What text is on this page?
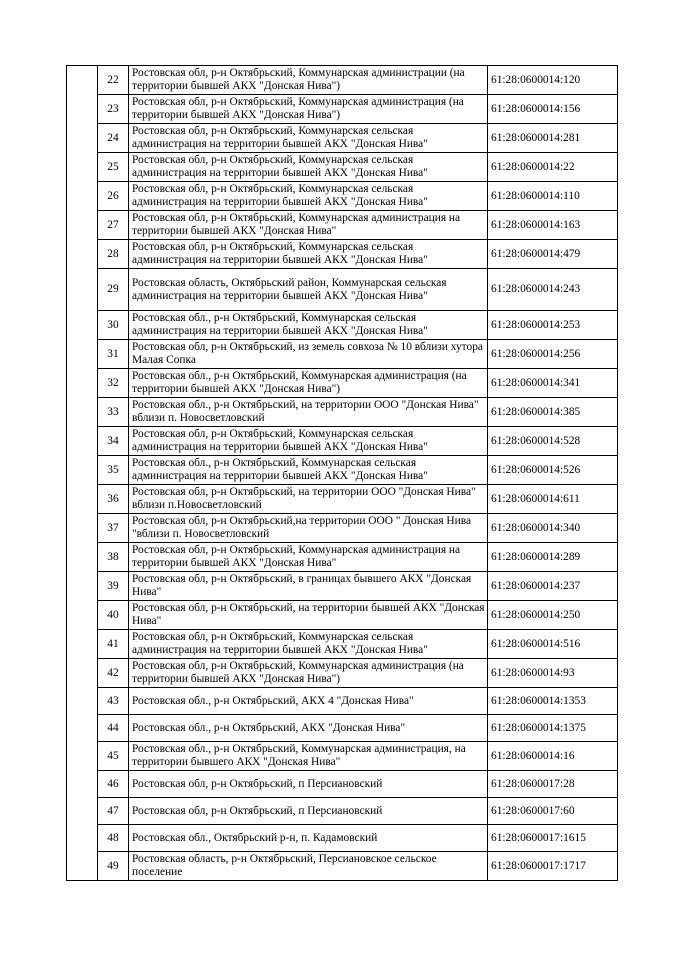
	22	Ростовская обл, р-н Октябрьский, Коммунарская администрации (на территории бывшей АКХ "Донская Нива")	61:28:0600014:120
	23	Ростовская обл, р-н Октябрьский, Коммунарская администрация (на территории бывшей АКХ "Донская Нива")	61:28:0600014:156
	24	Ростовская обл, р-н Октябрьский, Коммунарская сельская администрация на территории бывшей АКХ "Донская Нива"	61:28:0600014:281
	25	Ростовская обл, р-н Октябрьский, Коммунарская сельская администрация на территории бывшей АКХ "Донская Нива"	61:28:0600014:22
	26	Ростовская обл, р-н Октябрьский, Коммунарская сельская администрация на территории бывшей АКХ "Донская Нива"	61:28:0600014:110
	27	Ростовская обл, р-н Октябрьский, Коммунарская администрация на территории бывшей АКХ "Донская Нива"	61:28:0600014:163
	28	Ростовская обл, р-н Октябрьский, Коммунарская сельская администрация на территории бывшей АКХ "Донская Нива"	61:28:0600014:479
	29	Ростовская область, Октябрьский район, Коммунарская сельская администрация на территории бывшей АКХ "Донская Нива"	61:28:0600014:243
	30	Ростовская обл., р-н Октябрьский, Коммунарская сельская администрация на территории бывшей АКХ "Донская Нива"	61:28:0600014:253
	31	Ростовская обл, р-н Октябрьский, из земель совхоза № 10 вблизи хутора Малая Сопка	61:28:0600014:256
	32	Ростовская обл., р-н Октябрьский, Коммунарская администрация (на территории бывшей АКХ "Донская Нива")	61:28:0600014:341
	33	Ростовская обл., р-н Октябрьский, на территории ООО "Донская Нива" вблизи п. Новосветловский	61:28:0600014:385
	34	Ростовская обл, р-н Октябрьский, Коммунарская сельская администрация на территории бывшей АКХ "Донская Нива"	61:28:0600014:528
	35	Ростовская обл., р-н Октябрьский, Коммунарская сельская администрация на территории бывшей АКХ "Донская Нива"	61:28:0600014:526
	36	Ростовская обл, р-н Октябрьский, на территории ООО "Донская Нива" вблизи п.Новосветловский	61:28:0600014:611
	37	Ростовская обл, р-н Октябрьский,на территории ООО " Донская Нива "вблизи п. Новосветловский	61:28:0600014:340
	38	Ростовская обл, р-н Октябрьский, Коммунарская администрация на территории бывшей АКХ "Донская Нива"	61:28:0600014:289
	39	Ростовская обл, р-н Октябрьский, в границах бывшего АКХ "Донская Нива"	61:28:0600014:237
	40	Ростовская обл, р-н Октябрьский, на территории бывшей АКХ "Донская Нива"	61:28:0600014:250
	41	Ростовская обл, р-н Октябрьский, Коммунарская сельская администрация на территории бывшей АКХ "Донская Нива"	61:28:0600014:516
	42	Ростовская обл, р-н Октябрьский, Коммунарская администрация (на территории бывшей АКХ "Донская Нива")	61:28:0600014:93
	43	Ростовская обл., р-н Октябрьский, АКХ 4 "Донская Нива"	61:28:0600014:1353
	44	Ростовская обл., р-н Октябрьский, АКХ "Донская Нива"	61:28:0600014:1375
	45	Ростовская обл., р-н Октябрьский, Коммунарская администрация, на территории бывшего АКХ "Донская Нива"	61:28:0600014:16
	46	Ростовская обл, р-н Октябрьский, п Персиановский	61:28:0600017:28
	47	Ростовская обл, р-н Октябрьский, п Персиановский	61:28:0600017:60
	48	Ростовская обл., Октябрьский р-н, п. Кадамовский	61:28:0600017:1615
	49	Ростовская область, р-н Октябрьский, Персиановское сельское поселение	61:28:0600017:1717
